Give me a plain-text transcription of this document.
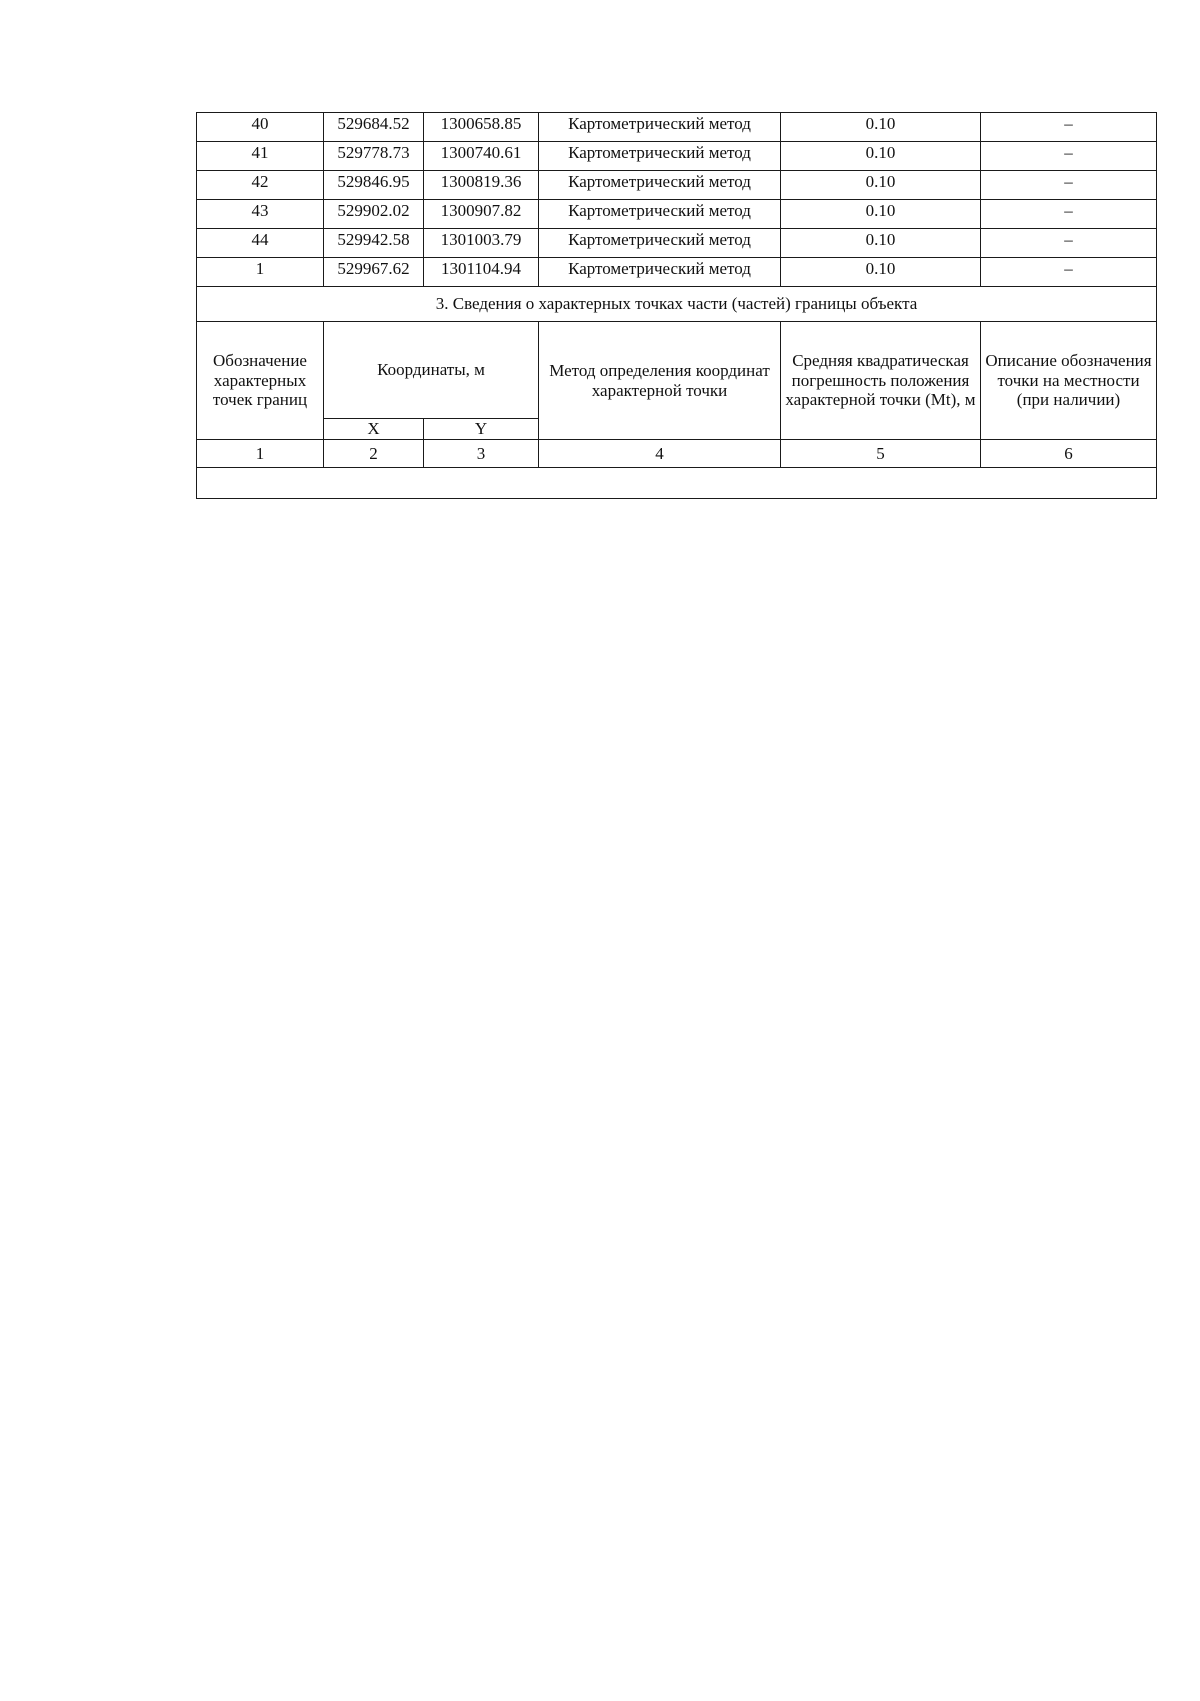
40	529684.52	1300658.85	Картометрический метод	0.10	–
41	529778.73	1300740.61	Картометрический метод	0.10	–
42	529846.95	1300819.36	Картометрический метод	0.10	–
43	529902.02	1300907.82	Картометрический метод	0.10	–
44	529942.58	1301003.79	Картометрический метод	0.10	–
1	529967.62	1301104.94	Картометрический метод	0.10	–
3. Сведения о характерных точках части (частей) границы объекта					
Обозначение характерных точек границ	Координаты, м		Метод определения координат характерной точки	Средняя квадратическая погрешность положения характерной точки (Mt), м	Описание обозначения точки на местности (при наличии)
	X	Y			
1	2	3	4	5	6
